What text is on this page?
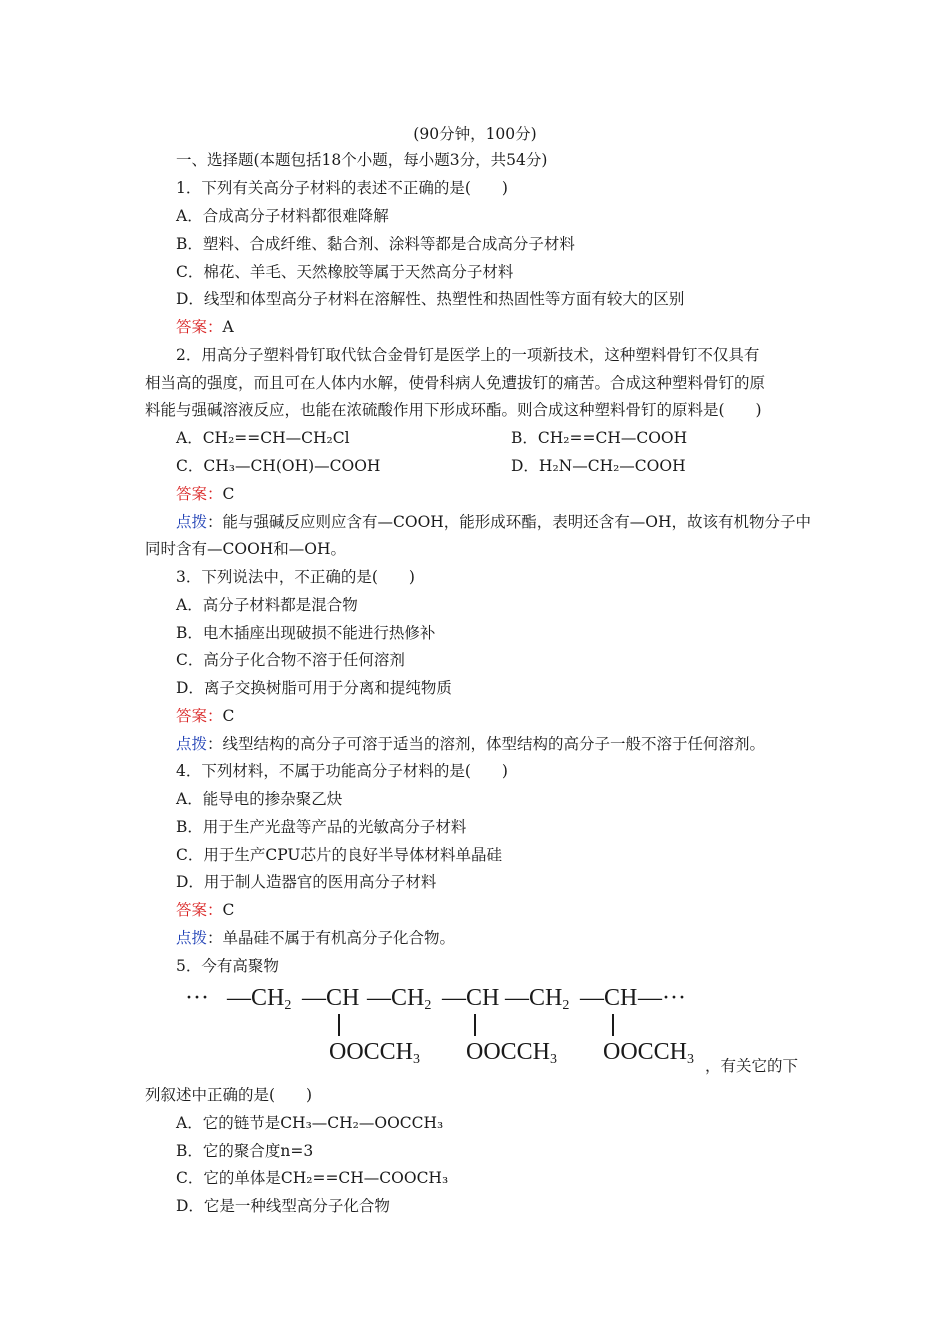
(90分钟，100分)
一、选择题(本题包括18个小题，每小题3分，共54分)
1．下列有关高分子材料的表述不正确的是(　　)
A．合成高分子材料都很难降解
B．塑料、合成纤维、黏合剂、涂料等都是合成高分子材料
C．棉花、羊毛、天然橡胶等属于天然高分子材料
D．线型和体型高分子材料在溶解性、热塑性和热固性等方面有较大的区别
答案：A
2．用高分子塑料骨钉取代钛合金骨钉是医学上的一项新技术，这种塑料骨钉不仅具有
相当高的强度，而且可在人体内水解，使骨科病人免遭拔钉的痛苦。合成这种塑料骨钉的原
料能与强碱溶液反应，也能在浓硫酸作用下形成环酯。则合成这种塑料骨钉的原料是(　　)
A．CH₂==CH—CH₂Cl	B．CH₂==CH—COOH
C．CH₃—CH(OH)—COOH	D．H₂N—CH₂—COOH
答案：C
点拨：能与强碱反应则应含有—COOH，能形成环酯，表明还含有—OH，故该有机物分子中
同时含有—COOH和—OH。
3．下列说法中，不正确的是(　　)
A．高分子材料都是混合物
B．电木插座出现破损不能进行热修补
C．高分子化合物不溶于任何溶剂
D．离子交换树脂可用于分离和提纯物质
答案：C
点拨：线型结构的高分子可溶于适当的溶剂，体型结构的高分子一般不溶于任何溶剂。
4．下列材料，不属于功能高分子材料的是(　　)
A．能导电的掺杂聚乙炔
B．用于生产光盘等产品的光敏高分子材料
C．用于生产CPU芯片的良好半导体材料单晶硅
D．用于制人造器官的医用高分子材料
答案：C
点拨：单晶硅不属于有机高分子化合物。
5．今有高聚物
··· $—CH_2$ —CH $—CH_2$ —CH $—CH_2$ —CH —···
$OOCCH_3$ $OOCCH_3$ $OOCCH_3$ ，有关它的下
列叙述中正确的是(　　)
A．它的链节是CH₃—CH₂—OOCCH₃
B．它的聚合度n=3
C．它的单体是CH₂==CH—COOCH₃
D．它是一种线型高分子化合物
